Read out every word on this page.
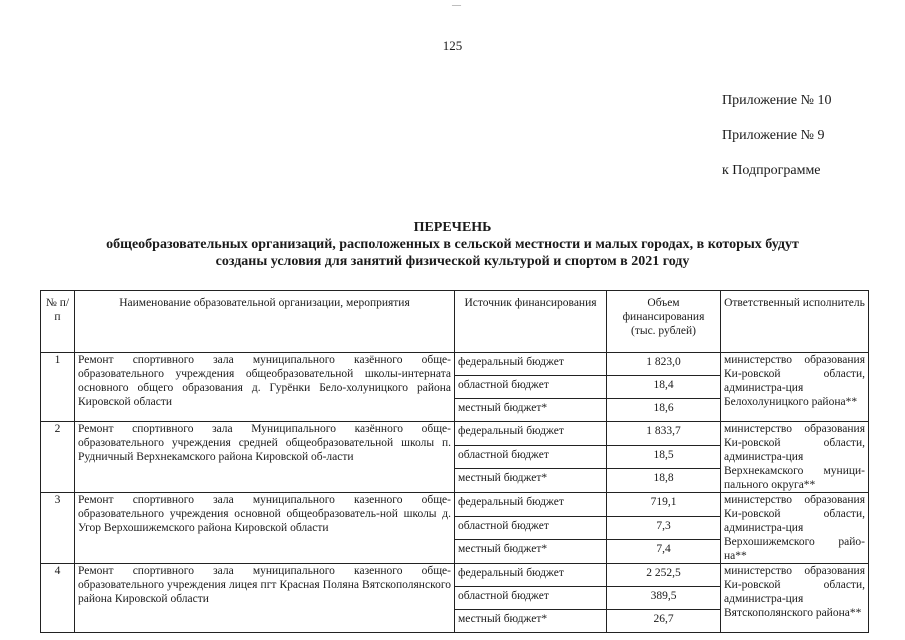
—
125
Приложение № 10
Приложение № 9
к Подпрограмме
ПЕРЕЧЕНЬ
общеобразовательных организаций, расположенных в сельской местности и малых городах, в которых будут
созданы условия для занятий физической культурой и спортом в 2021 году
№ п/п	Наименование образовательной организации, мероприятия	Источник финансирования	Объем финансирования (тыс. рублей)	Ответственный исполнитель
1	Ремонт спортивного зала муниципального казённого обще-образовательного учреждения общеобразовательной школы-интерната основного общего образования д. Гурёнки Бело-холуницкого района Кировской области	федеральный бюджет	1 823,0	министерство образования Ки-ровской области, администра-ция Белохолуницкого района**
		областной бюджет	18,4	
		местный бюджет*	18,6	
2	Ремонт спортивного зала Муниципального казённого обще-образовательного учреждения средней общеобразовательной школы п. Рудничный Верхнекамского района Кировской об-ласти	федеральный бюджет	1 833,7	министерство образования Ки-ровской области, администра-ция Верхнекамского муници-пального округа**
		областной бюджет	18,5	
		местный бюджет*	18,8	
3	Ремонт спортивного зала муниципального казенного обще-образовательного учреждения основной общеобразователь-ной школы д. Угор Верхошижемского района Кировской области	федеральный бюджет	719,1	министерство образования Ки-ровской области, администра-ция Верхошижемского райо-на**
		областной бюджет	7,3	
		местный бюджет*	7,4	
4	Ремонт спортивного зала муниципального казенного обще-образовательного учреждения лицея пгт Красная Поляна Вятскополянского района Кировской области	федеральный бюджет	2 252,5	министерство образования Ки-ровской области, администра-ция Вятскополянского района**
		областной бюджет	389,5	
		местный бюджет*	26,7	
